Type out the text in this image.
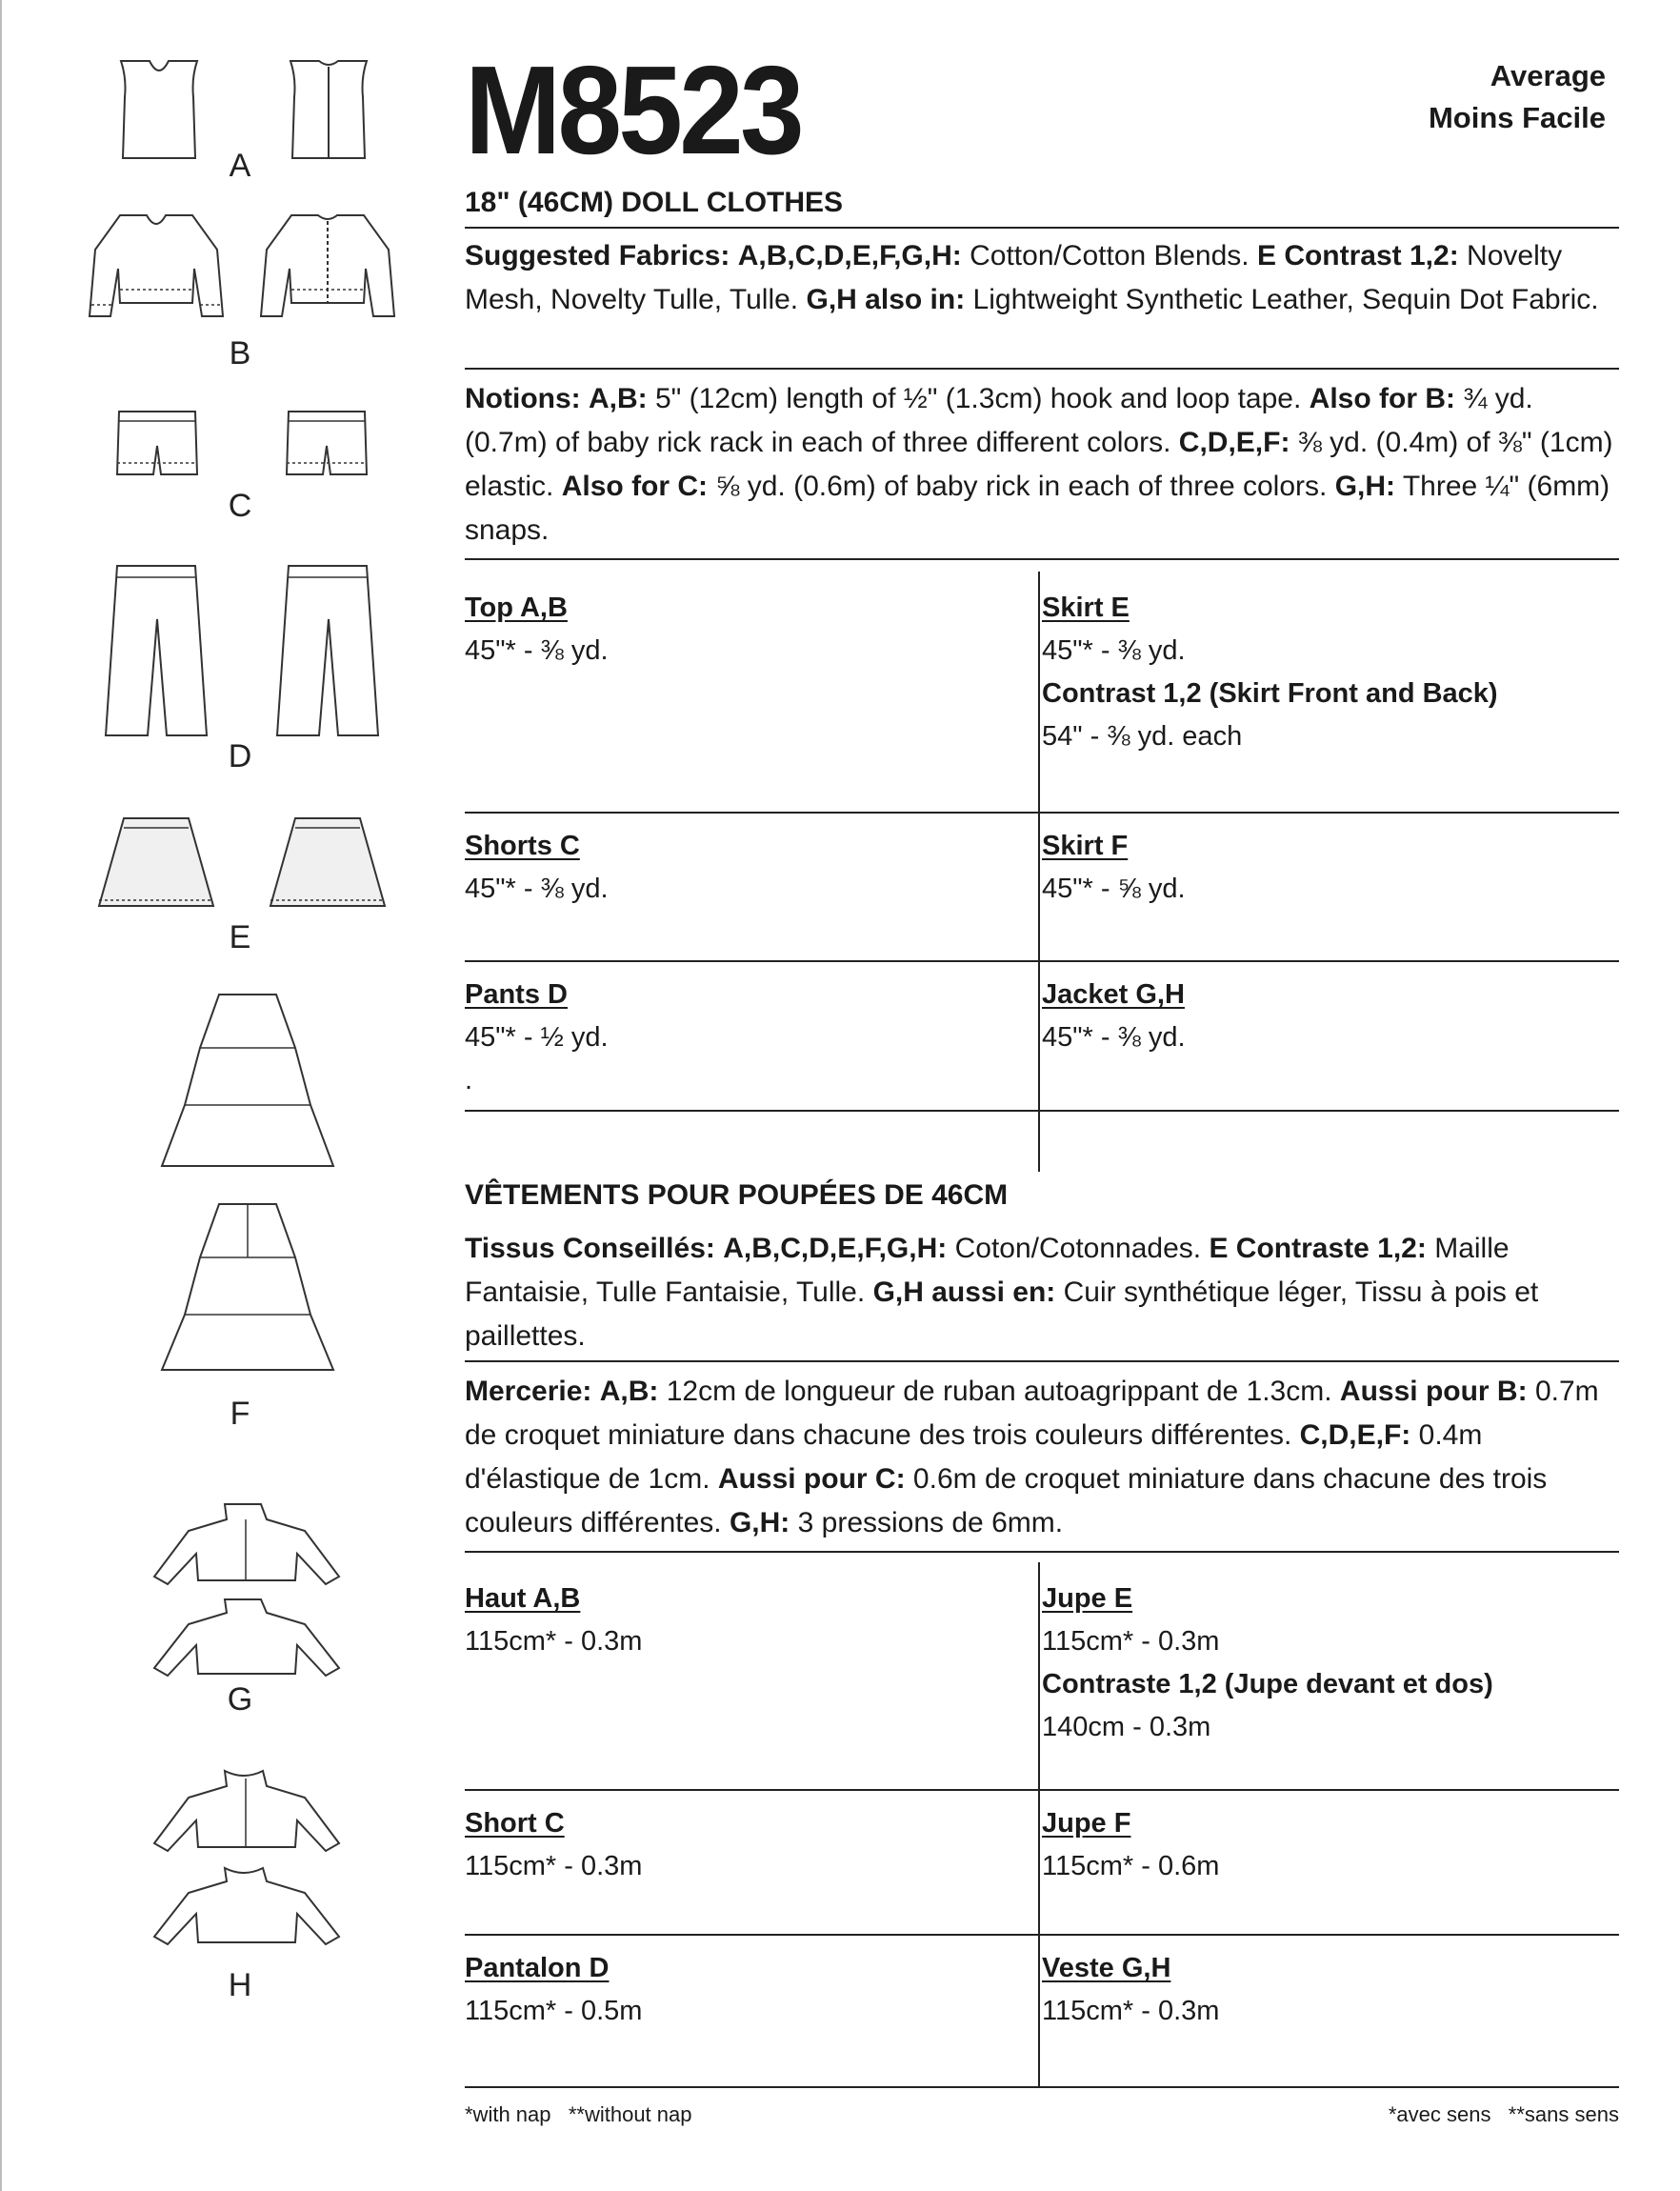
A
B
C
D
E
F
G
H
M8523	Average
Moins Facile
18" (46CM) DOLL CLOTHES
Suggested Fabrics: A,B,C,D,E,F,G,H: Cotton/Cotton Blends. E Contrast 1,2: Novelty Mesh, Novelty Tulle, Tulle. G,H also in: Lightweight Synthetic Leather, Sequin Dot Fabric.
Notions: A,B: 5" (12cm) length of ½" (1.3cm) hook and loop tape. Also for B: ¾ yd. (0.7m) of baby rick rack in each of three different colors. C,D,E,F: ⅜ yd. (0.4m) of ⅜" (1cm) elastic. Also for C: ⅝ yd. (0.6m) of baby rick in each of three colors. G,H: Three ¼" (6mm) snaps.
Top A,B
45"* - ⅜ yd.
Skirt E
45"* - ⅜ yd.
Contrast 1,2 (Skirt Front and Back)
54" - ⅜ yd. each
Shorts C
45"* - ⅜ yd.
Skirt F
45"* - ⅝ yd.
Pants D
45"* - ½ yd.
.
Jacket G,H
45"* - ⅜ yd.
VÊTEMENTS POUR POUPÉES DE 46CM
Tissus Conseillés: A,B,C,D,E,F,G,H: Coton/Cotonnades. E Contraste 1,2: Maille Fantaisie, Tulle Fantaisie, Tulle. G,H aussi en: Cuir synthétique léger, Tissu à pois et paillettes.
Mercerie: A,B: 12cm de longueur de ruban autoagrippant de 1.3cm. Aussi pour B: 0.7m de croquet miniature dans chacune des trois couleurs différentes. C,D,E,F: 0.4m d'élastique de 1cm. Aussi pour C: 0.6m de croquet miniature dans chacune des trois couleurs différentes. G,H: 3 pressions de 6mm.
Haut A,B
115cm* - 0.3m
Jupe E
115cm* - 0.3m
Contraste 1,2 (Jupe devant et dos)
140cm - 0.3m
Short C
115cm* - 0.3m
Jupe F
115cm* - 0.6m
Pantalon D
115cm* - 0.5m
Veste G,H
115cm* - 0.3m
*with nap   **without nap	*avec sens   **sans sens
